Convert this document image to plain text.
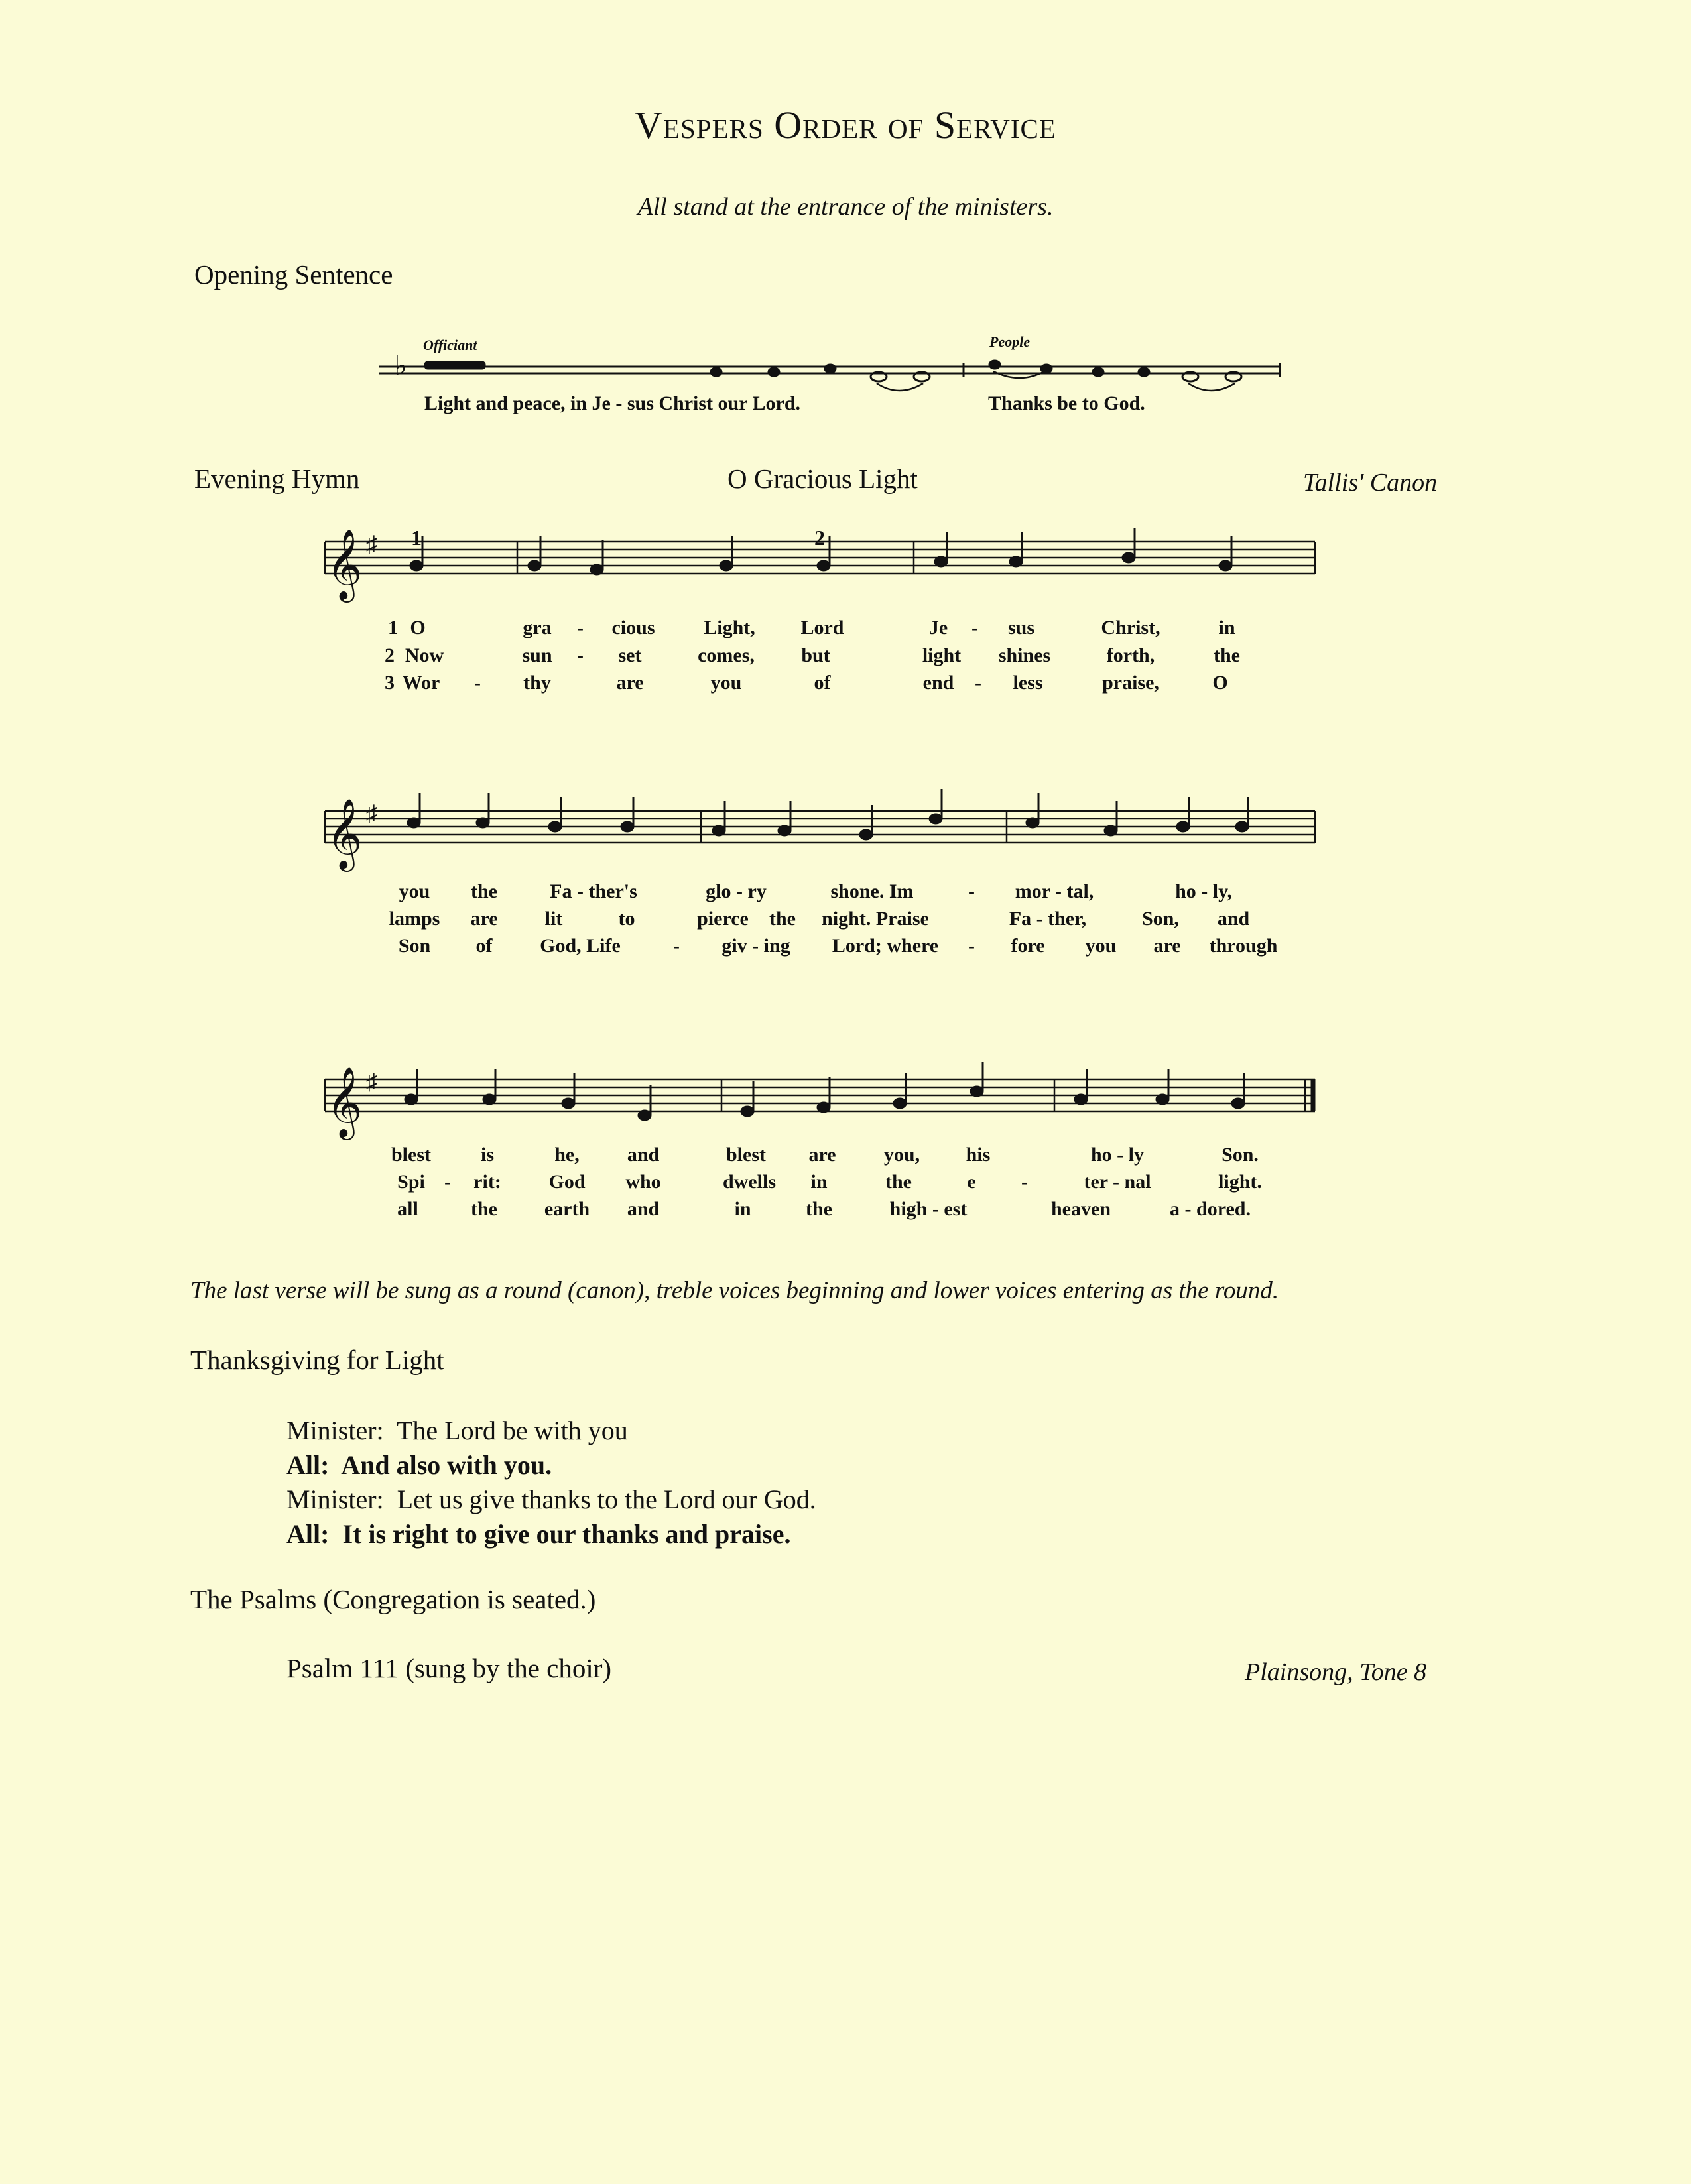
Vespers Order of Service
All stand at the entrance of the ministers.
Opening Sentence
Officiant	People
♭
𝄞 ♯
𝄞 ♯
𝄞 ♯
Light and peace, in Je - sus Christ our Lord.	Thanks be to God.
Evening Hymn	O Gracious Light	Tallis' Canon
1	2
1 O	gra	-	cious	Light,	Lord	Je	-	sus	Christ,	in
2 Now	sun	-	set	comes,	but	light	shines	forth,	the
3 Wor	-	thy	are	you	of	end	-	less	praise,	O
you	the	Fa - ther's	glo - ry	shone. Im	-	mor - tal,	ho - ly,
lamps	are	lit	to	pierce	the	night. Praise	Fa - ther,	Son,	and
Son	of	God, Life	-	giv - ing	Lord; where	-	fore	you	are	through
blest	is	he,	and	blest	are	you,	his	ho - ly	Son.
Spi -	rit:	God	who	dwells	in	the	e	-	ter - nal	light.
all	the	earth	and	in	the	high - est	heaven	a - dored.
The last verse will be sung as a round (canon), treble voices beginning and lower voices entering as the round.
Thanksgiving for Light
Minister: The Lord be with you
All: And also with you.
Minister: Let us give thanks to the Lord our God.
All: It is right to give our thanks and praise.
The Psalms (Congregation is seated.)
Psalm 111 (sung by the choir)	Plainsong, Tone 8
